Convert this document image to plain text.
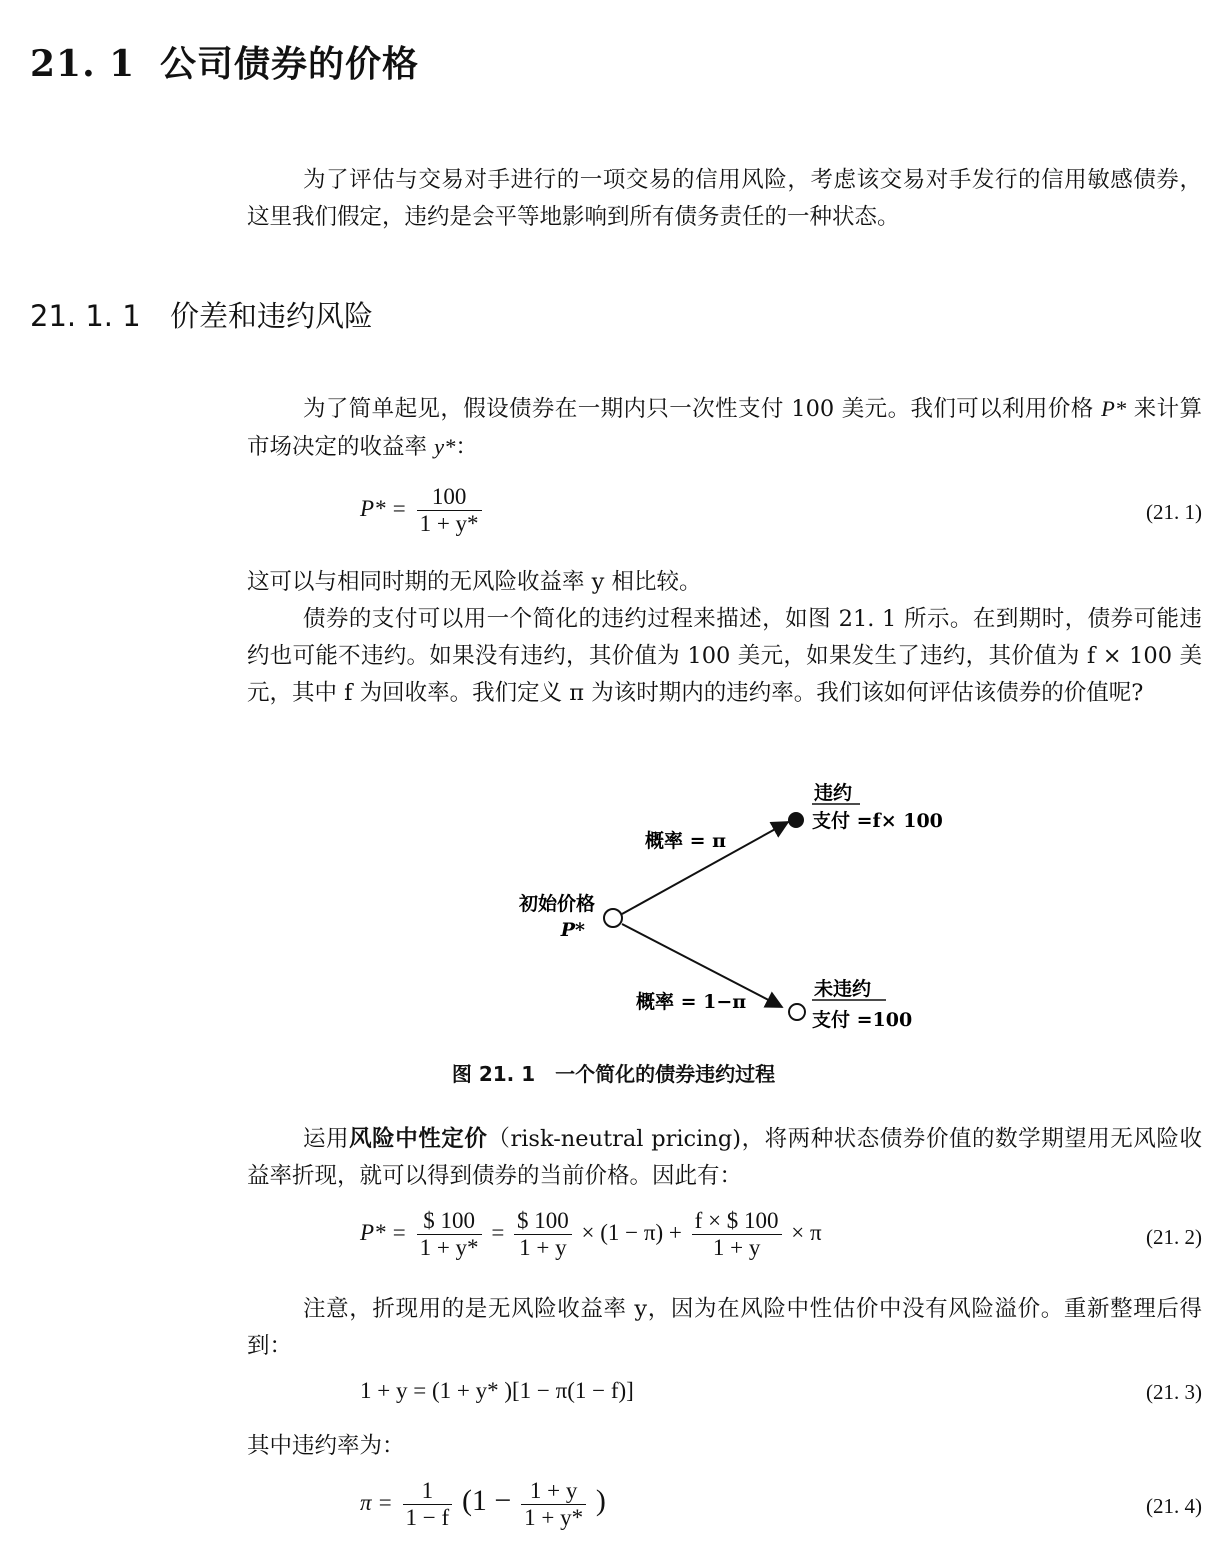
21. 1 公司债券的价格

为了评估与交易对手进行的一项交易的信用风险，考虑该交易对手发行的信用敏感债券，这里我们假定，违约是会平等地影响到所有债务责任的一种状态。

21. 1. 1 价差和违约风险

为了简单起见，假设债券在一期内只一次性支付 100 美元。我们可以利用价格 P* 来计算市场决定的收益率 y*：

$P* = \frac{100}{1 + y*}$	(21. 1)

这可以与相同时期的无风险收益率 y 相比较。

债券的支付可以用一个简化的违约过程来描述，如图 21. 1 所示。在到期时，债券可能违约也可能不违约。如果没有违约，其价值为 100 美元，如果发生了违约，其价值为 f × 100 美元，其中 f 为回收率。我们定义 π 为该时期内的违约率。我们该如何评估该债券的价值呢?

初始价格
P*
概率 = π
概率 = 1−π
违约
支付 =f× 100
未违约
支付 =100
图 21. 1　一个简化的债券违约过程

运用风险中性定价（risk-neutral pricing)，将两种状态债券价值的数学期望用无风险收益率折现，就可以得到债券的当前价格。因此有：

$P* = \frac{\$ 100}{1 + y*} = \frac{\$ 100}{1 + y} \times (1 - \pi) + \frac{f \times \$ 100}{1 + y} \times \pi$	(21. 2)

注意，折现用的是无风险收益率 y，因为在风险中性估价中没有风险溢价。重新整理后得到：

1 + y = (1 + y* )[1 − π(1 − f)]	(21. 3)

其中违约率为：

$\pi = \frac{1}{1 - f} (1 - \frac{1 + y}{1 + y*}$ )	(21. 4)
